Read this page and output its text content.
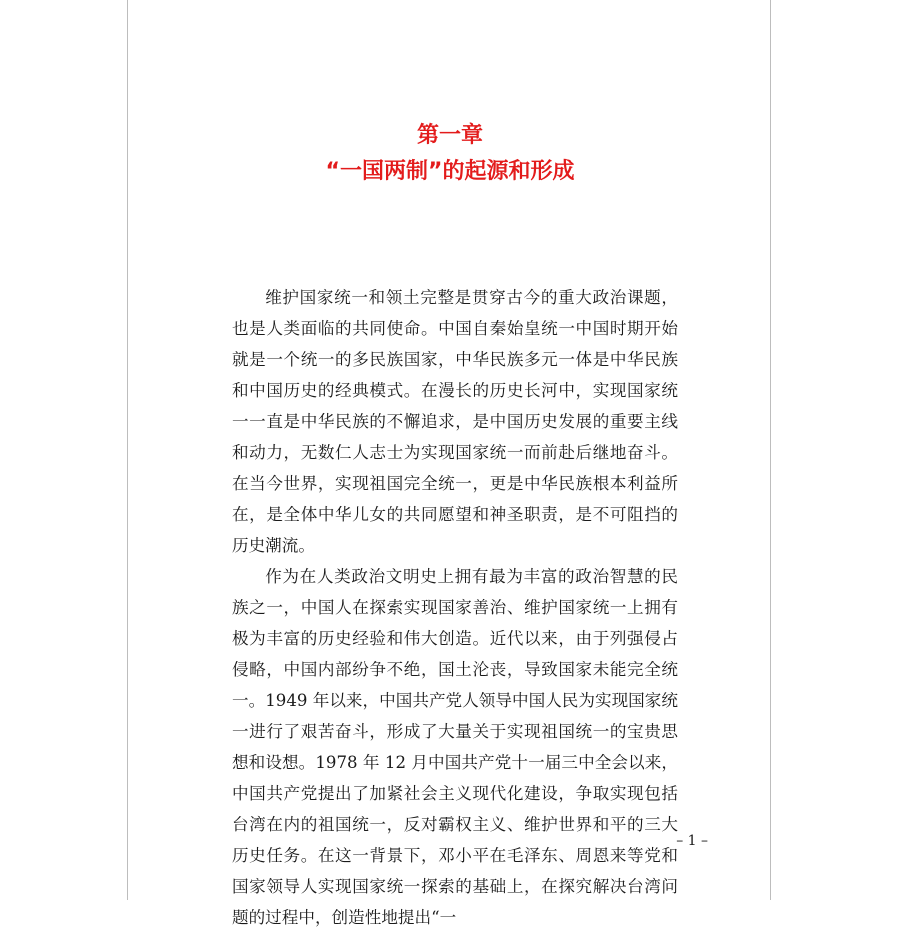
第一章
“一国两制”的起源和形成

维护国家统一和领土完整是贯穿古今的重大政治课题，也是人类面临的共同使命。中国自秦始皇统一中国时期开始就是一个统一的多民族国家，中华民族多元一体是中华民族和中国历史的经典模式。在漫长的历史长河中，实现国家统一一直是中华民族的不懈追求，是中国历史发展的重要主线和动力，无数仁人志士为实现国家统一而前赴后继地奋斗。在当今世界，实现祖国完全统一，更是中华民族根本利益所在，是全体中华儿女的共同愿望和神圣职责，是不可阻挡的历史潮流。

作为在人类政治文明史上拥有最为丰富的政治智慧的民族之一，中国人在探索实现国家善治、维护国家统一上拥有极为丰富的历史经验和伟大创造。近代以来，由于列强侵占侵略，中国内部纷争不绝，国土沦丧，导致国家未能完全统一。1949 年以来，中国共产党人领导中国人民为实现国家统一进行了艰苦奋斗，形成了大量关于实现祖国统一的宝贵思想和设想。1978 年 12 月中国共产党十一届三中全会以来，中国共产党提出了加紧社会主义现代化建设，争取实现包括台湾在内的祖国统一，反对霸权主义、维护世界和平的三大历史任务。在这一背景下，邓小平在毛泽东、周恩来等党和国家领导人实现国家统一探索的基础上，在探究解决台湾问题的过程中，创造性地提出“一

– 1 –
